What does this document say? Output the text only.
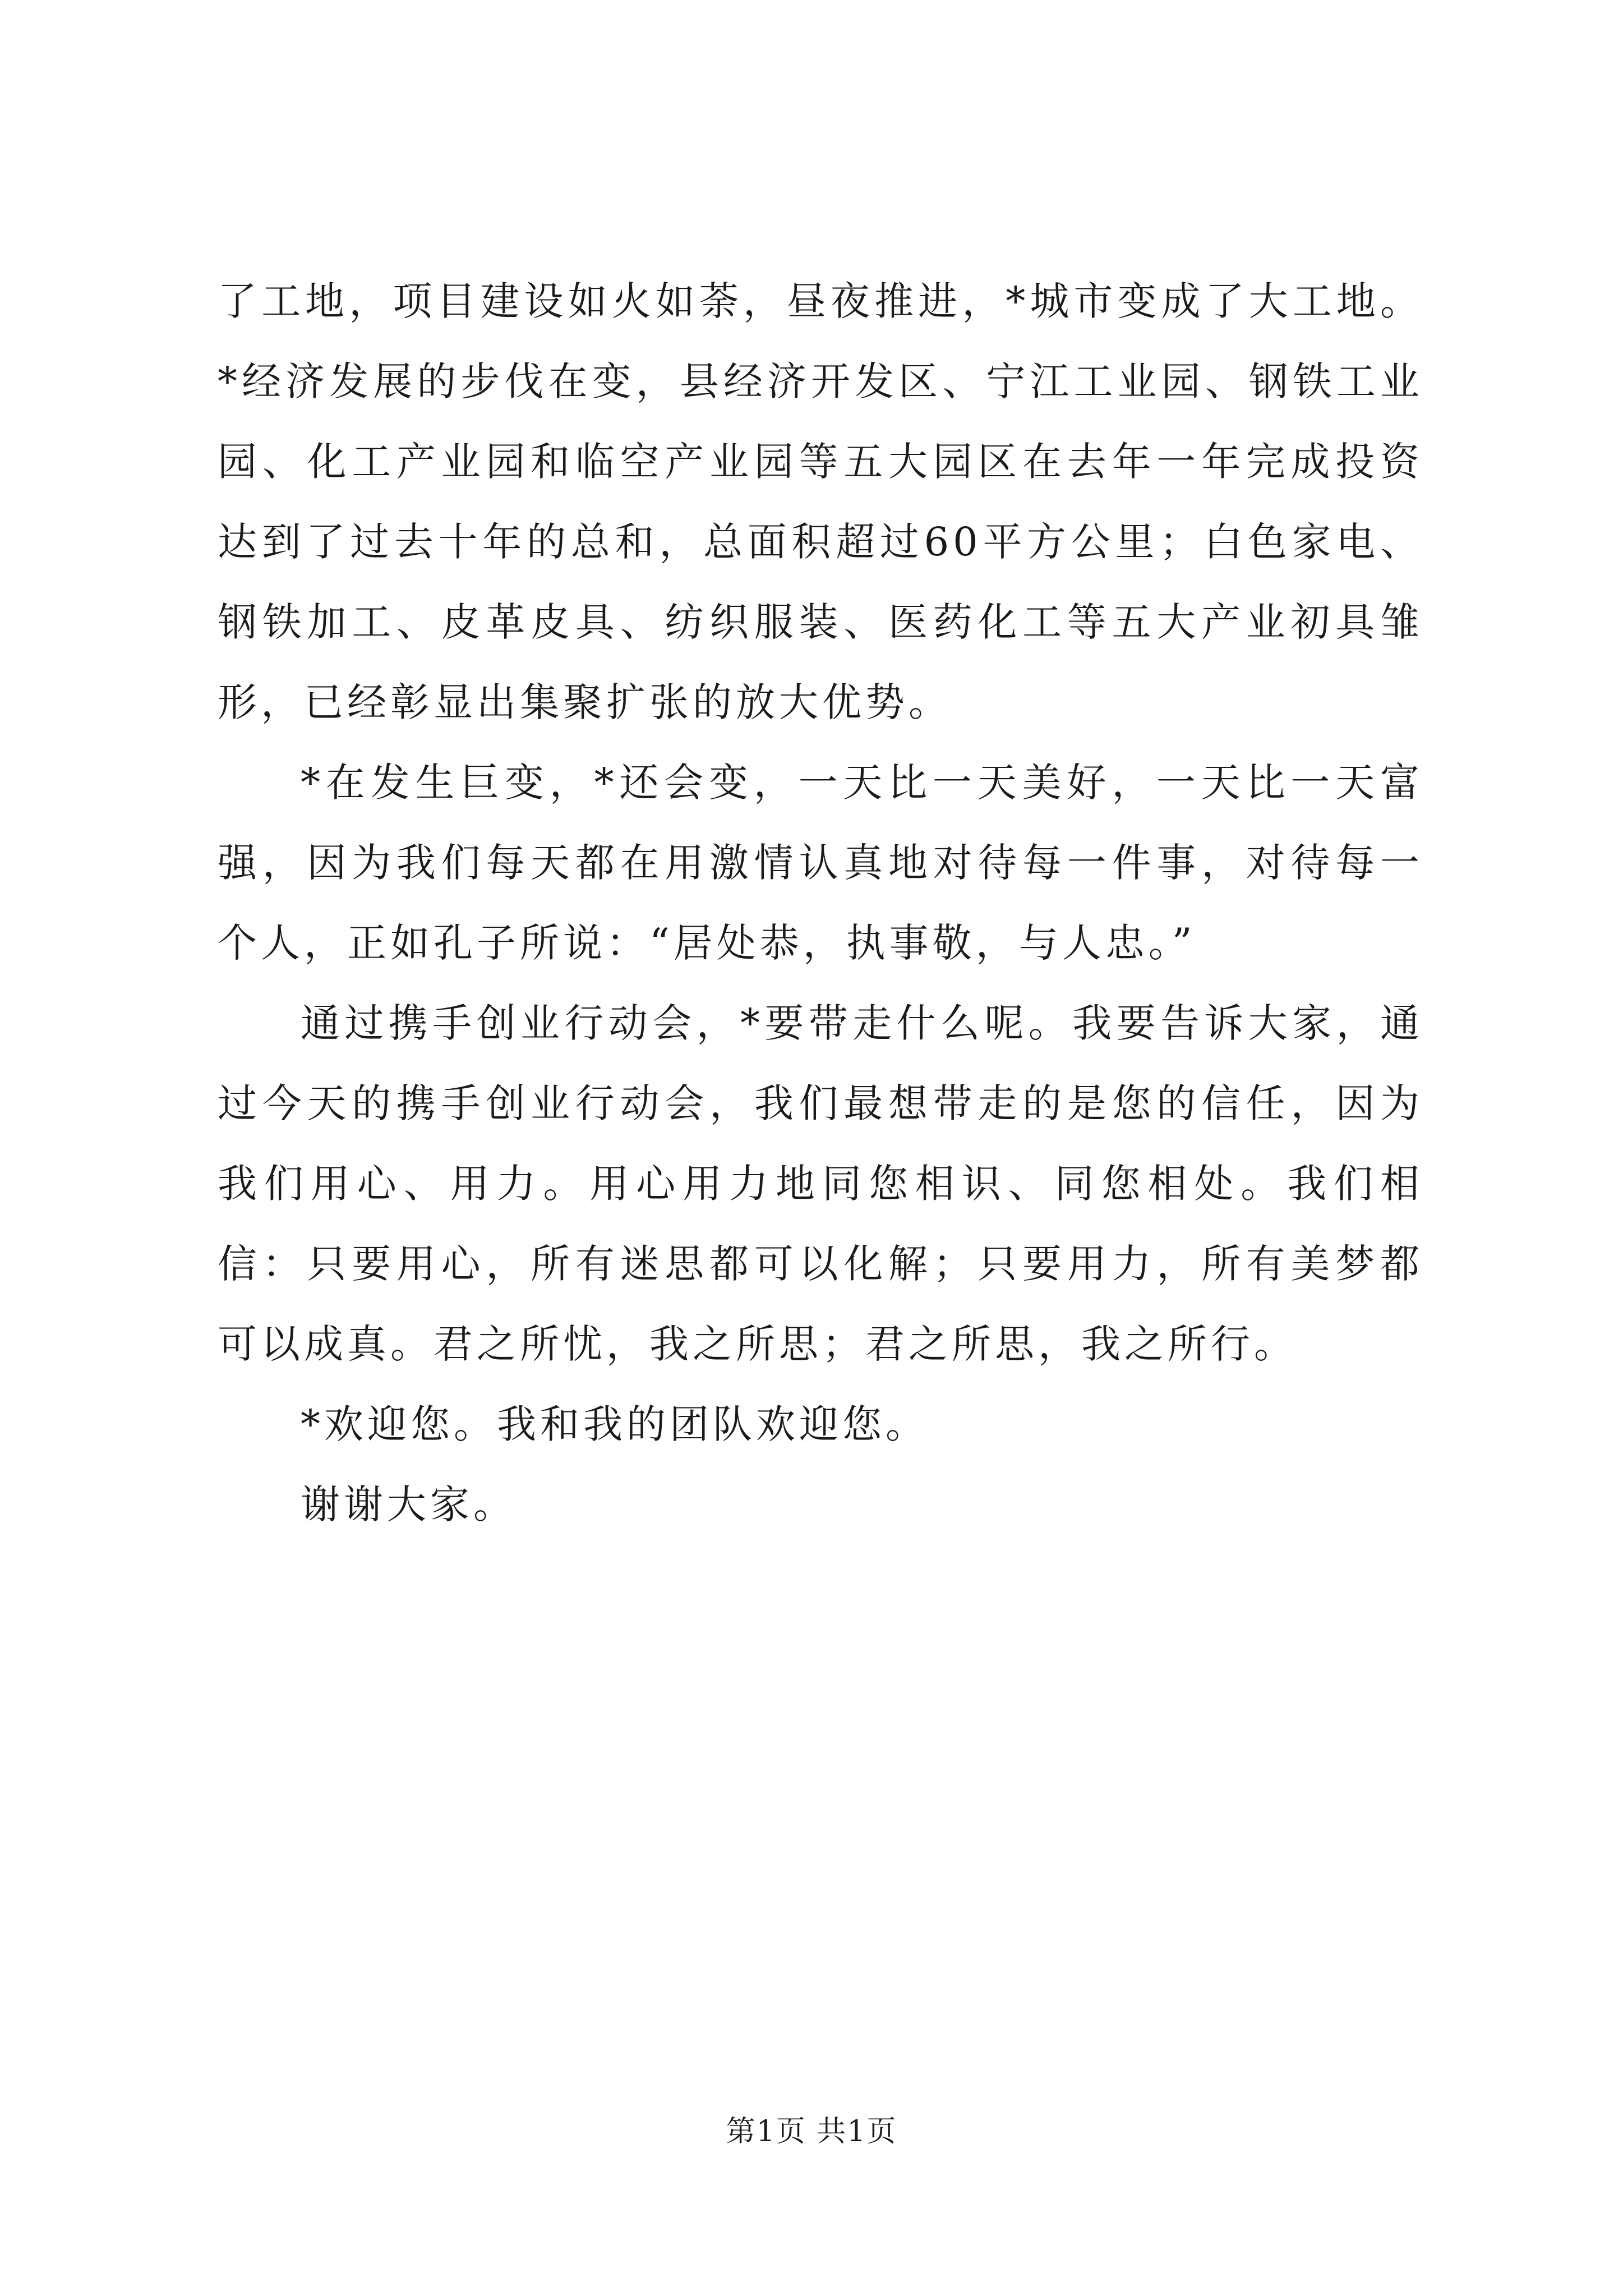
了工地，项目建设如火如荼，昼夜推进，*城市变成了大工地。*经济发展的步伐在变，县经济开发区、宁江工业园、钢铁工业园、化工产业园和临空产业园等五大园区在去年一年完成投资达到了过去十年的总和，总面积超过60平方公里；白色家电、钢铁加工、皮革皮具、纺织服装、医药化工等五大产业初具雏形，已经彰显出集聚扩张的放大优势。

*在发生巨变，*还会变，一天比一天美好，一天比一天富强，因为我们每天都在用激情认真地对待每一件事，对待每一个人，正如孔子所说：“居处恭，执事敬，与人忠。”

通过携手创业行动会，*要带走什么呢。我要告诉大家，通过今天的携手创业行动会，我们最想带走的是您的信任，因为我们用心、用力。用心用力地同您相识、同您相处。我们相信：只要用心，所有迷思都可以化解；只要用力，所有美梦都可以成真。君之所忧，我之所思；君之所思，我之所行。

*欢迎您。我和我的团队欢迎您。

谢谢大家。

第1页 共1页
